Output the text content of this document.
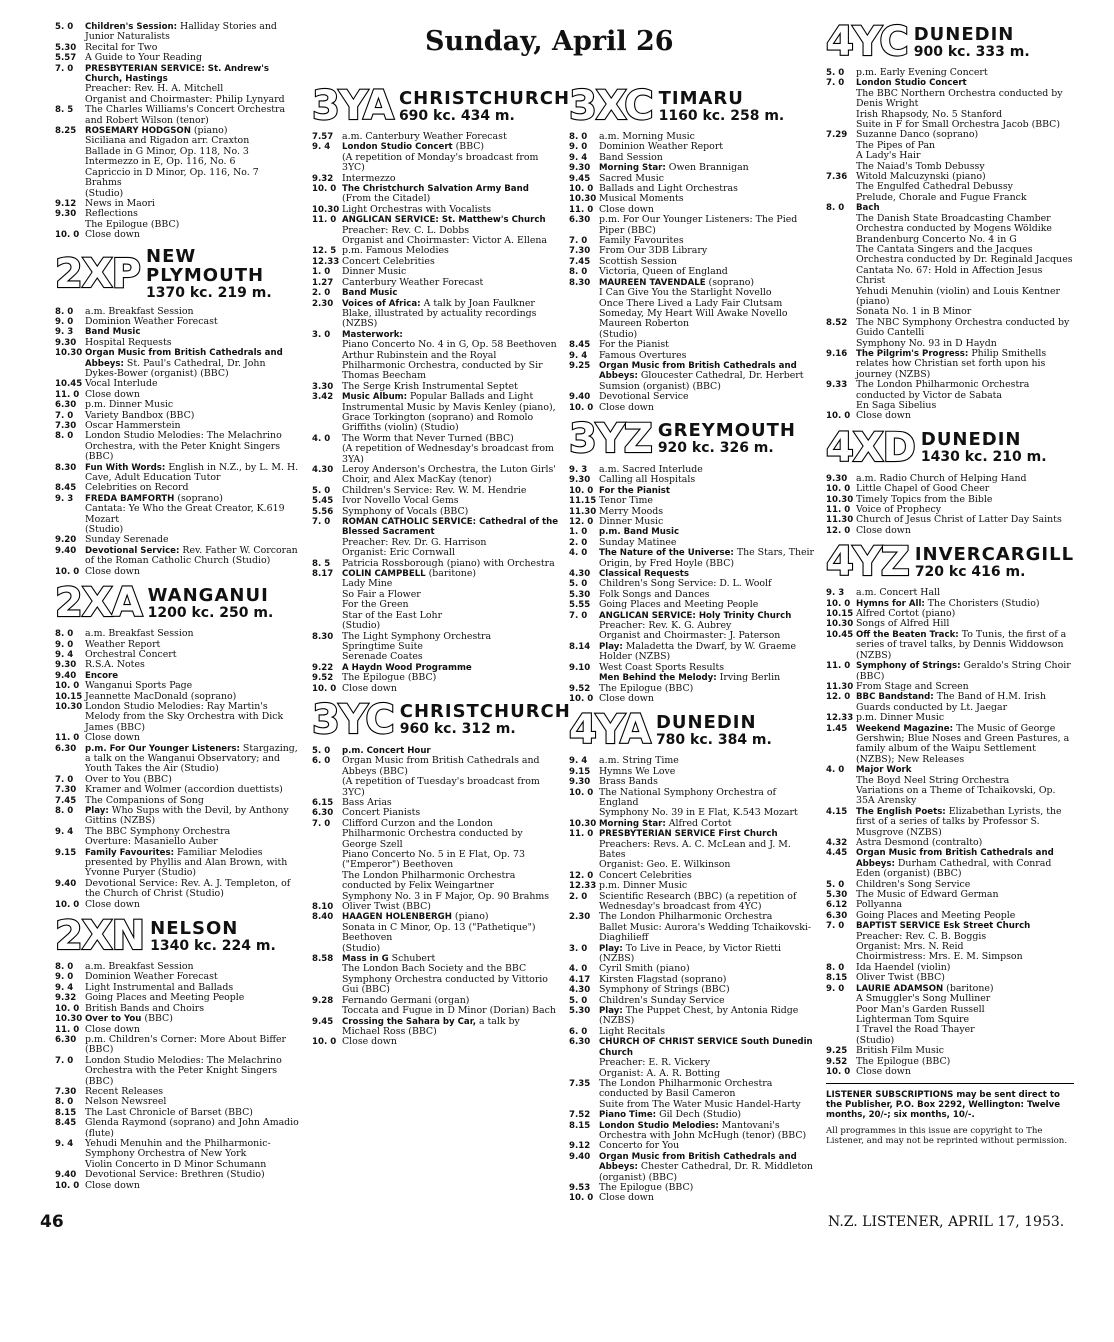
Sunday, April 26
5. 0	Children's Session: Halliday Stories and Junior Naturalists
5.30 Recital for Two
5.57 A Guide to Your Reading
7. 0	PRESBYTERIAN SERVICE: St. Andrew's Church, Hastings
Preacher: Rev. H. A. Mitchell
Organist and Choirmaster: Philip Lynyard
8. 5	The Charles Williams's Concert Orchestra and Robert Wilson (tenor)
8.25	ROSEMARY HODGSON (piano)
Siciliana and Rigadon arr. Craxton
Ballade in G Minor, Op. 118, No. 3
Intermezzo in E, Op. 116, No. 6
Capriccio in D Minor, Op. 116, No. 7
Brahms
(Studio)
9.12 News in Maori
9.30 Reflections
The Epilogue (BBC)
10. 0 Close down
2XP NEW PLYMOUTH
1370 kc. 219 m.
8. 0	a.m. Breakfast Session
9. 0	Dominion Weather Forecast
9. 3	Band Music
9.30 Hospital Requests
10.30 Organ Music from British Cathedrals and Abbeys: St. Paul's Cathedral, Dr. John Dykes-Bower (organist) (BBC)
10.45 Vocal Interlude
11. 0 Close down
6.30 p.m. Dinner Music
7. 0	Variety Bandbox (BBC)
7.30 Oscar Hammerstein
8. 0	London Studio Melodies: The Melachrino Orchestra, with the Peter Knight Singers (BBC)
8.30	Fun With Words: English in N.Z., by L. M. H. Cave, Adult Education Tutor
8.45 Celebrities on Record
9. 3	FREDA BAMFORTH (soprano)
Cantata: Ye Who the Great Creator, K.619 Mozart
(Studio)
9.20 Sunday Serenade
9.40	Devotional Service: Rev. Father W. Corcoran of the Roman Catholic Church (Studio)
10. 0 Close down
2XA WANGANUI
1200 kc. 250 m.
8. 0	a.m. Breakfast Session
9. 0	Weather Report
9. 4	Orchestral Concert
9.30 R.S.A. Notes
9.40	Encore
10. 0 Wanganui Sports Page
10.15 Jeannette MacDonald (soprano)
10.30 London Studio Melodies: Ray Martin's Melody from the Sky Orchestra with Dick James (BBC)
11. 0 Close down
6.30	p.m. For Our Younger Listeners: Stargazing, a talk on the Wanganui Observatory; and Youth Takes the Air (Studio)
7. 0	Over to You (BBC)
7.30 Kramer and Wolmer (accordion duettists)
7.45 The Companions of Song
8. 0	Play: Who Sups with the Devil, by Anthony Gittins (NZBS)
9. 4	The BBC Symphony Orchestra
Overture: Masaniello Auber
9.15	Family Favourites: Familiar Melodies presented by Phyllis and Alan Brown, with Yvonne Puryer (Studio)
9.40 Devotional Service: Rev. A. J. Templeton, of the Church of Christ (Studio)
10. 0 Close down
2XN NELSON
1340 kc. 224 m.
8. 0	a.m. Breakfast Session
9. 0	Dominion Weather Forecast
9. 4	Light Instrumental and Ballads
9.32 Going Places and Meeting People
10. 0 British Bands and Choirs
10.30 Over to You (BBC)
11. 0 Close down
6.30 p.m. Children's Corner: More About Biffer (BBC)
7. 0	London Studio Melodies: The Melachrino Orchestra with the Peter Knight Singers (BBC)
7.30 Recent Releases
8. 0	Nelson Newsreel
8.15 The Last Chronicle of Barset (BBC)
8.45 Glenda Raymond (soprano) and John Amadio (flute)
9. 4	Yehudi Menuhin and the Philharmonic-Symphony Orchestra of New York
Violin Concerto in D Minor Schumann
9.40 Devotional Service: Brethren (Studio)
10. 0 Close down
3YA CHRISTCHURCH
690 kc. 434 m.
7.57 a.m. Canterbury Weather Forecast
9. 4	London Studio Concert (BBC)
(A repetition of Monday's broadcast from 3YC)
9.32 Intermezzo
10. 0 The Christchurch Salvation Army Band
(From the Citadel)
10.30 Light Orchestras with Vocalists
11. 0 ANGLICAN SERVICE: St. Matthew's Church
Preacher: Rev. C. L. Dobbs
Organist and Choirmaster: Victor A. Ellena
12. 5 p.m. Famous Melodies
12.33 Concert Celebrities
1. 0	Dinner Music
1.27 Canterbury Weather Forecast
2. 0	Band Music
2.30	Voices of Africa: A talk by Joan Faulkner Blake, illustrated by actuality recordings (NZBS)
3. 0	Masterwork:
Piano Concerto No. 4 in G, Op. 58 Beethoven
Arthur Rubinstein and the Royal Philharmonic Orchestra, conducted by Sir Thomas Beecham
3.30 The Serge Krish Instrumental Septet
3.42	Music Album: Popular Ballads and Light Instrumental Music by Mavis Kenley (piano), Grace Torkington (soprano) and Romolo Griffiths (violin) (Studio)
4. 0	The Worm that Never Turned (BBC)
(A repetition of Wednesday's broadcast from 3YA)
4.30 Leroy Anderson's Orchestra, the Luton Girls' Choir, and Alex MacKay (tenor)
5. 0	Children's Service: Rev. W. M. Hendrie
5.45 Ivor Novello Vocal Gems
5.56 Symphony of Vocals (BBC)
7. 0	ROMAN CATHOLIC SERVICE: Cathedral of the Blessed Sacrament
Preacher: Rev. Dr. G. Harrison
Organist: Eric Cornwall
8. 5	Patricia Rossborough (piano) with Orchestra
8.17	COLIN CAMPBELL (baritone)
Lady Mine
So Fair a Flower
For the Green
Star of the East Lohr
(Studio)
8.30 The Light Symphony Orchestra
Springtime Suite
Serenade Coates
9.22	A Haydn Wood Programme
9.52 The Epilogue (BBC)
10. 0 Close down
3YC CHRISTCHURCH
960 kc. 312 m.
5. 0	p.m. Concert Hour
6. 0	Organ Music from British Cathedrals and Abbeys (BBC)
(A repetition of Tuesday's broadcast from 3YC)
6.15 Bass Arias
6.30 Concert Pianists
7. 0	Clifford Curzon and the London Philharmonic Orchestra conducted by George Szell
Piano Concerto No. 5 in E Flat, Op. 73 ("Emperor") Beethoven
The London Philharmonic Orchestra conducted by Felix Weingartner
Symphony No. 3 in F Major, Op. 90 Brahms
8.10 Oliver Twist (BBC)
8.40	HAAGEN HOLENBERGH (piano)
Sonata in C Minor, Op. 13 ("Pathetique") Beethoven
(Studio)
8.58	Mass in G Schubert
The London Bach Society and the BBC Symphony Orchestra conducted by Vittorio Gui (BBC)
9.28 Fernando Germani (organ)
Toccata and Fugue in D Minor (Dorian) Bach
9.45	Crossing the Sahara by Car, a talk by Michael Ross (BBC)
10. 0 Close down
3XC TIMARU
1160 kc. 258 m.
8. 0	a.m. Morning Music
9. 0	Dominion Weather Report
9. 4	Band Session
9.30	Morning Star: Owen Brannigan
9.45 Sacred Music
10. 0 Ballads and Light Orchestras
10.30 Musical Moments
11. 0 Close down
6.30 p.m. For Our Younger Listeners: The Pied Piper (BBC)
7. 0	Family Favourites
7.30 From Our 3DB Library
7.45 Scottish Session
8. 0	Victoria, Queen of England
8.30	MAUREEN TAVENDALE (soprano)
I Can Give You the Starlight Novello
Once There Lived a Lady Fair Clutsam
Someday, My Heart Will Awake Novello
Maureen Roberton
(Studio)
8.45 For the Pianist
9. 4	Famous Overtures
9.25	Organ Music from British Cathedrals and Abbeys: Gloucester Cathedral, Dr. Herbert Sumsion (organist) (BBC)
9.40 Devotional Service
10. 0 Close down
3YZ GREYMOUTH
920 kc. 326 m.
9. 3	a.m. Sacred Interlude
9.30 Calling all Hospitals
10. 0 For the Pianist
11.15 Tenor Time
11.30 Merry Moods
12. 0 Dinner Music
1. 0	p.m. Band Music
2. 0	Sunday Matinee
4. 0	The Nature of the Universe: The Stars, Their Origin, by Fred Hoyle (BBC)
4.30	Classical Requests
5. 0	Children's Song Service: D. L. Woolf
5.30 Folk Songs and Dances
5.55 Going Places and Meeting People
7. 0	ANGLICAN SERVICE: Holy Trinity Church
Preacher: Rev. K. G. Aubrey
Organist and Choirmaster: J. Paterson
8.14	Play: Maladetta the Dwarf, by W. Graeme Holder (NZBS)
9.10 West Coast Sports Results
Men Behind the Melody: Irving Berlin
9.52 The Epilogue (BBC)
10. 0 Close down
4YA DUNEDIN
780 kc. 384 m.
9. 4	a.m. String Time
9.15 Hymns We Love
9.30 Brass Bands
10. 0 The National Symphony Orchestra of England
Symphony No. 39 in E Flat, K.543 Mozart
10.30 Morning Star: Alfred Cortot
11. 0 PRESBYTERIAN SERVICE First Church
Preachers: Revs. A. C. McLean and J. M. Bates
Organist: Geo. E. Wilkinson
12. 0 Concert Celebrities
12.33 p.m. Dinner Music
2. 0	Scientific Research (BBC) (a repetition of Wednesday's broadcast from 4YC)
2.30 The London Philharmonic Orchestra
Ballet Music: Aurora's Wedding Tchaikovski-Diaghilieff
3. 0	Play: To Live in Peace, by Victor Rietti (NZBS)
4. 0	Cyril Smith (piano)
4.17 Kirsten Flagstad (soprano)
4.30 Symphony of Strings (BBC)
5. 0	Children's Sunday Service
5.30	Play: The Puppet Chest, by Antonia Ridge (NZBS)
6. 0	Light Recitals
6.30	CHURCH OF CHRIST SERVICE South Dunedin Church
Preacher: E. R. Vickery
Organist: A. A. R. Botting
7.35 The London Philharmonic Orchestra conducted by Basil Cameron
Suite from The Water Music Handel-Harty
7.52	Piano Time: Gil Dech (Studio)
8.15	London Studio Melodies: Mantovani's Orchestra with John McHugh (tenor) (BBC)
9.12 Concerto for You
9.40	Organ Music from British Cathedrals and Abbeys: Chester Cathedral, Dr. R. Middleton (organist) (BBC)
9.53 The Epilogue (BBC)
10. 0 Close down
4YC DUNEDIN
900 kc. 333 m.
5. 0	p.m. Early Evening Concert
7. 0	London Studio Concert
The BBC Northern Orchestra conducted by Denis Wright
Irish Rhapsody, No. 5 Stanford
Suite in F for Small Orchestra Jacob (BBC)
7.29 Suzanne Danco (soprano)
The Pipes of Pan
A Lady's Hair
The Naiad's Tomb Debussy
7.36 Witold Malcuzynski (piano)
The Engulfed Cathedral Debussy
Prelude, Chorale and Fugue Franck
8. 0	Bach
The Danish State Broadcasting Chamber Orchestra conducted by Mogens Wöldike
Brandenburg Concerto No. 4 in G
The Cantata Singers and the Jacques Orchestra conducted by Dr. Reginald Jacques
Cantata No. 67: Hold in Affection Jesus Christ
Yehudi Menuhin (violin) and Louis Kentner (piano)
Sonata No. 1 in B Minor
8.52 The NBC Symphony Orchestra conducted by Guido Cantelli
Symphony No. 93 in D Haydn
9.16	The Pilgrim's Progress: Philip Smithells relates how Christian set forth upon his journey (NZBS)
9.33 The London Philharmonic Orchestra conducted by Victor de Sabata
En Saga Sibelius
10. 0 Close down
4XD DUNEDIN
1430 kc. 210 m.
9.30 a.m. Radio Church of Helping Hand
10. 0 Little Chapel of Good Cheer
10.30 Timely Topics from the Bible
11. 0 Voice of Prophecy
11.30 Church of Jesus Christ of Latter Day Saints
12. 0 Close down
4YZ INVERCARGILL
720 kc 416 m.
9. 3	a.m. Concert Hall
10. 0 Hymns for All: The Choristers (Studio)
10.15 Alfred Cortot (piano)
10.30 Songs of Alfred Hill
10.45 Off the Beaten Track: To Tunis, the first of a series of travel talks, by Dennis Widdowson (NZBS)
11. 0 Symphony of Strings: Geraldo's String Choir (BBC)
11.30 From Stage and Screen
12. 0 BBC Bandstand: The Band of H.M. Irish Guards conducted by Lt. Jaegar
12.33 p.m. Dinner Music
1.45	Weekend Magazine: The Music of George Gershwin; Blue Noses and Green Pastures, a family album of the Waipu Settlement (NZBS); New Releases
4. 0	Major Work
The Boyd Neel String Orchestra
Variations on a Theme of Tchaikovski, Op. 35A Arensky
4.15	The English Poets: Elizabethan Lyrists, the first of a series of talks by Professor S. Musgrove (NZBS)
4.32 Astra Desmond (contralto)
4.45	Organ Music from British Cathedrals and Abbeys: Durham Cathedral, with Conrad Eden (organist) (BBC)
5. 0	Children's Song Service
5.30 The Music of Edward German
6.12 Pollyanna
6.30 Going Places and Meeting People
7. 0	BAPTIST SERVICE Esk Street Church
Preacher: Rev. C. B. Boggis
Organist: Mrs. N. Reid
Choirmistress: Mrs. E. M. Simpson
8. 0	Ida Haendel (violin)
8.15 Oliver Twist (BBC)
9. 0	LAURIE ADAMSON (baritone)
A Smuggler's Song Mulliner
Poor Man's Garden Russell
Lighterman Tom Squire
I Travel the Road Thayer
(Studio)
9.25 British Film Music
9.52 The Epilogue (BBC)
10. 0 Close down
LISTENER SUBSCRIPTIONS may be sent direct to the Publisher, P.O. Box 2292, Wellington: Twelve months, 20/-; six months, 10/-.
All programmes in this issue are copyright to The Listener, and may not be reprinted without permission.
46	N.Z. LISTENER, APRIL 17, 1953.
